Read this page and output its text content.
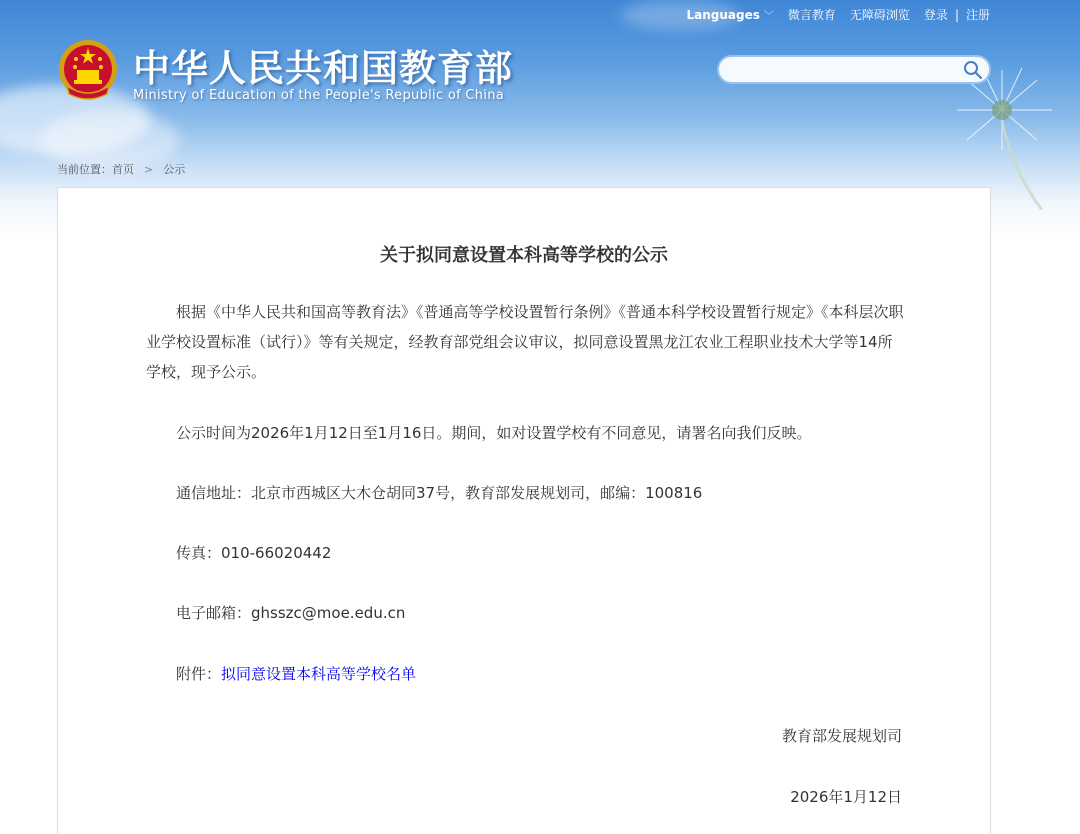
Languages ﹀ 微言教育 无障碍浏览 登录 | 注册
中华人民共和国教育部
Ministry of Education of the People's Republic of China
当前位置： 首页 > 公示
关于拟同意设置本科高等学校的公示
根据《中华人民共和国高等教育法》《普通高等学校设置暂行条例》《普通本科学校设置暂行规定》《本科层次职业学校设置标准（试行）》等有关规定，经教育部党组会议审议，拟同意设置黑龙江农业工程职业技术大学等14所学校，现予公示。
公示时间为2026年1月12日至1月16日。期间，如对设置学校有不同意见，请署名向我们反映。
通信地址：北京市西城区大木仓胡同37号，教育部发展规划司，邮编：100816
传真：010-66020442
电子邮箱：ghsszc@moe.edu.cn
附件：拟同意设置本科高等学校名单
教育部发展规划司
2026年1月12日
